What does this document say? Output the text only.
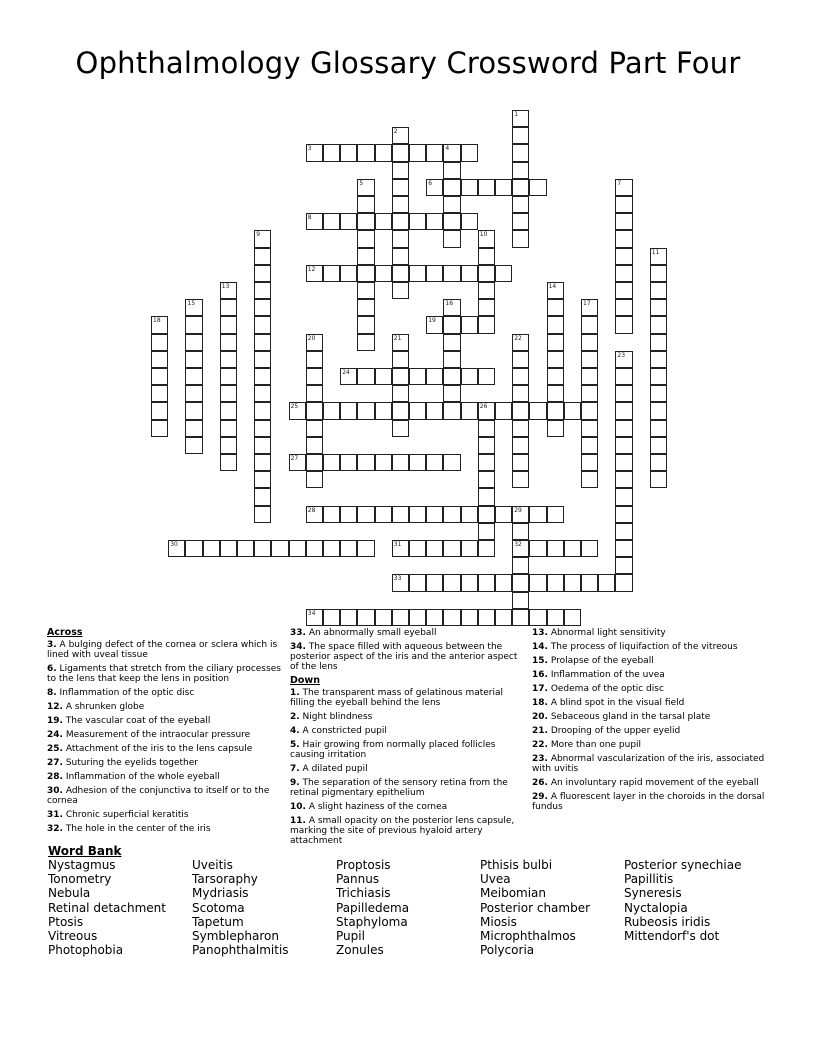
Ophthalmology Glossary Crossword Part Four
1
2
3	4
5	6	7
8
9	10
11
12
13	14
15	16	17
18	19
20	21	22
23
24
25	26
27
28	29
32
30	31
33
34
Across
3. A bulging defect of the cornea or sclera which is lined with uveal tissue
6. Ligaments that stretch from the ciliary processes to the lens that keep the lens in position
8. Inflammation of the optic disc
12. A shrunken globe
19. The vascular coat of the eyeball
24. Measurement of the intraocular pressure
25. Attachment of the iris to the lens capsule
27. Suturing the eyelids together
28. Inflammation of the whole eyeball
30. Adhesion of the conjunctiva to itself or to the cornea
31. Chronic superficial keratitis
32. The hole in the center of the iris
33. An abnormally small eyeball
34. The space filled with aqueous between the posterior aspect of the iris and the anterior aspect of the lens
Down
1. The transparent mass of gelatinous material filling the eyeball behind the lens
2. Night blindness
4. A constricted pupil
5. Hair growing from normally placed follicles causing irritation
7. A dilated pupil
9. The separation of the sensory retina from the retinal pigmentary epithelium
10. A slight haziness of the cornea
11. A small opacity on the posterior lens capsule, marking the site of previous hyaloid artery attachment
13. Abnormal light sensitivity
14. The process of liquifaction of the vitreous
15. Prolapse of the eyeball
16. Inflammation of the uvea
17. Oedema of the optic disc
18. A blind spot in the visual field
20. Sebaceous gland in the tarsal plate
21. Drooping of the upper eyelid
22. More than one pupil
23. Abnormal vascularization of the iris, associated with uvitis
26. An involuntary rapid movement of the eyeball
29. A fluorescent layer in the choroids in the dorsal fundus
Word Bank
Nystagmus
Tonometry
Nebula
Retinal detachment
Ptosis
Vitreous
Photophobia
Uveitis
Tarsoraphy
Mydriasis
Scotoma
Tapetum
Symblepharon
Panophthalmitis
Proptosis
Pannus
Trichiasis
Papilledema
Staphyloma
Pupil
Zonules
Pthisis bulbi
Uvea
Meibomian
Posterior chamber
Miosis
Microphthalmos
Polycoria
Posterior synechiae
Papillitis
Syneresis
Nyctalopia
Rubeosis iridis
Mittendorf's dot
